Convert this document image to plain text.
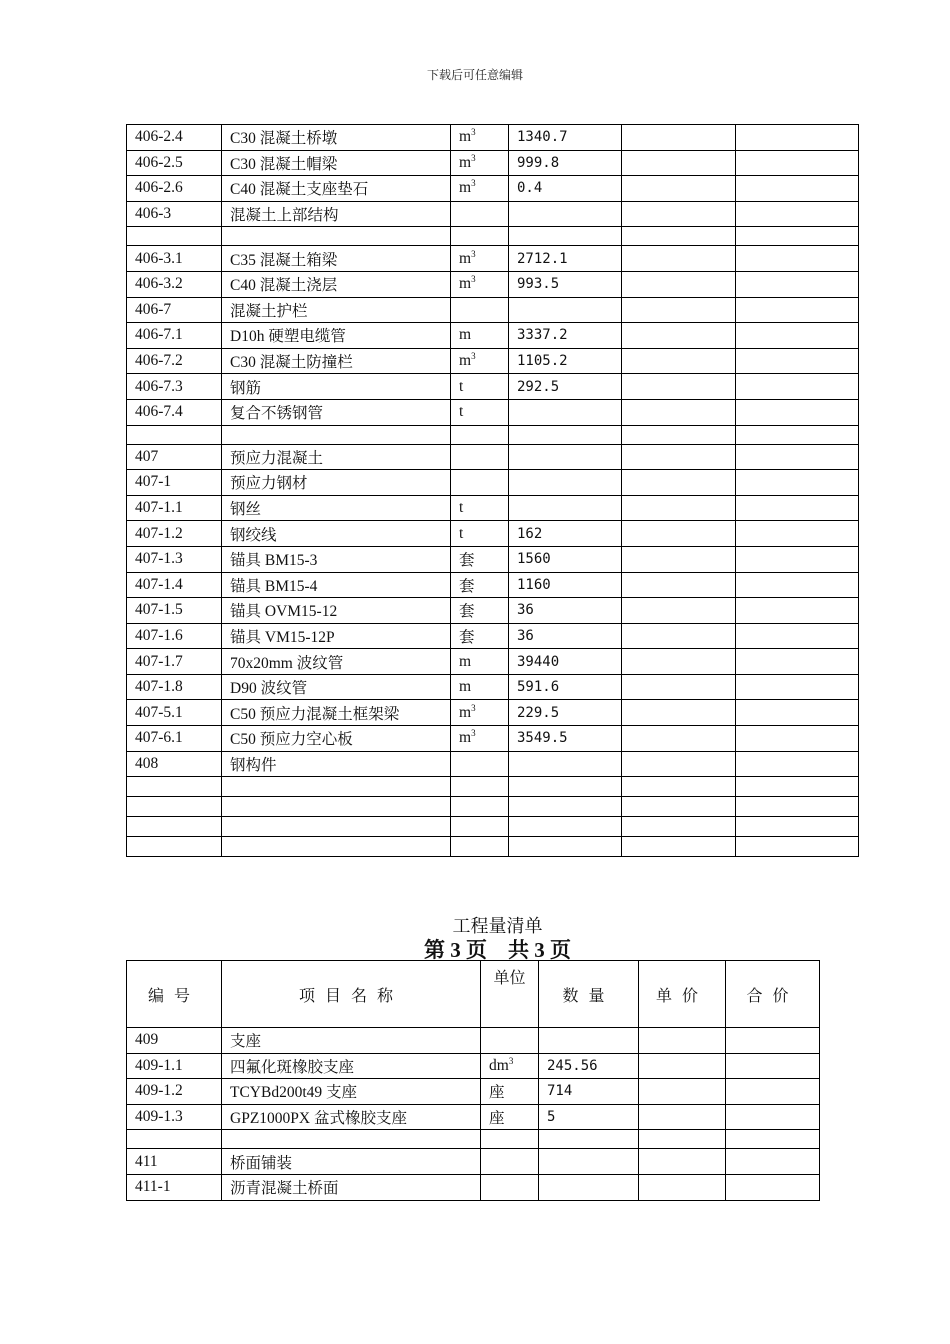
下载后可任意编辑
406-2.4	C30 混凝土桥墩	$m^3$	1340.7		
406-2.5	C30 混凝土帽梁	$m^3$	999.8		
406-2.6	C40 混凝土支座垫石	$m^3$	0.4		
406-3	混凝土上部结构				

406-3.1	C35 混凝土箱梁	$m^3$	2712.1		
406-3.2	C40 混凝土浇层	$m^3$	993.5		
406-7	混凝土护栏				
406-7.1	D10h 硬塑电缆管	m	3337.2		
406-7.2	C30 混凝土防撞栏	$m^3$	1105.2		
406-7.3	钢筋	t	292.5		
406-7.4	复合不锈钢管	t			

407	预应力混凝土				
407-1	预应力钢材				
407-1.1	钢丝	t			
407-1.2	钢绞线	t	162		
407-1.3	锚具 BM15-3	套	1560		
407-1.4	锚具 BM15-4	套	1160		
407-1.5	锚具 OVM15-12	套	36		
407-1.6	锚具 VM15-12P	套	36		
407-1.7	70x20mm 波纹管	m	39440		
407-1.8	D90 波纹管	m	591.6		
407-5.1	C50 预应力混凝土框架梁	$m^3$	229.5		
407-6.1	C50 预应力空心板	$m^3$	3549.5		
408	钢构件				

工程量清单
第 3 页    共 3 页
编号	项目名称	单位	数量	单价	合价
409	支座				
409-1.1	四氟化斑橡胶支座	$dm^3$	245.56		
409-1.2	TCYBd200t49 支座	座	714		
409-1.3	GPZ1000PX 盆式橡胶支座	座	5		

411	桥面铺装				
411-1	沥青混凝土桥面				
